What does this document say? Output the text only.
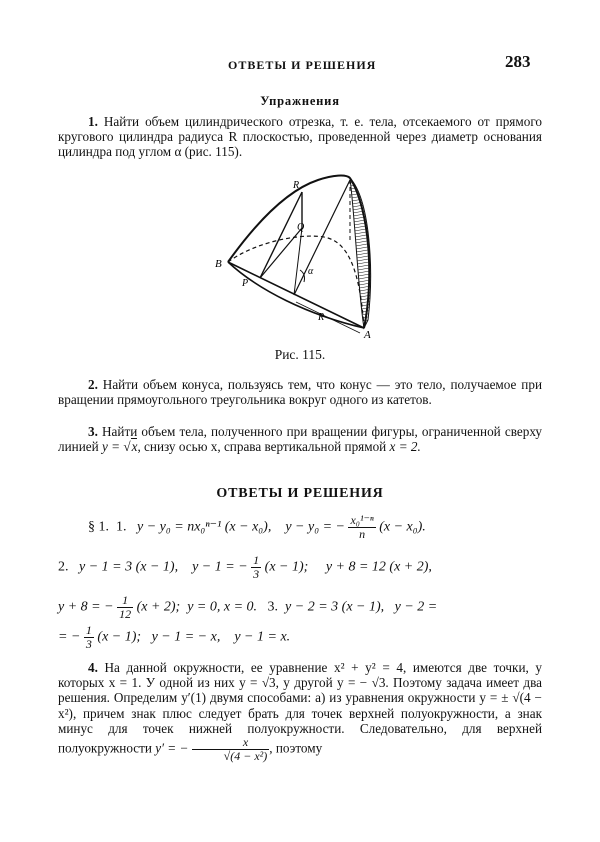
ОТВЕТЫ И РЕШЕНИЯ	283
Упражнения

1. Найти объем цилиндрического отрезка, т. е. тела, отсекаемого от прямого кругового цилиндра радиуса R плоскостью, проведенной через диаметр основания цилиндра под углом α (рис. 115).

R
Q
B
P
A
α
R
Рис. 115.

2. Найти объем конуса, пользуясь тем, что конус — это тело, получаемое при вращении прямоугольного треугольника вокруг одного из катетов.

3. Найти объем тела, полученного при вращении фигуры, ограниченной сверху линией y = √x, снизу осью x, справа вертикальной прямой x = 2.

ОТВЕТЫ И РЕШЕНИЯ
§ 1. 1. y − y₀ = nx₀ⁿ⁻¹ (x − x₀), y − y₀ = − $\frac{\text{x₀¹⁻ⁿ}}{n} (x - x_0)$.
2. y − 1 = 3 (x − 1), y − 1 = − $\frac{1}{3} (x - 1)$; y + 8 = 12 (x + 2),
y + 8 = − $\frac{1}{12} (x + 2)$; y = 0, x = 0. 3. y − 2 = 3 (x − 1), y − 2 =
= − $\frac{1}{3} (x - 1)$; y − 1 = − x, y − 1 = x.

4. На данной окружности, ее уравнение x² + y² = 4, имеются две точки, у которых x = 1. У одной из них y = √3, у другой y = − √3. Поэтому задача имеет два решения. Определим y′(1) двумя способами: а) из уравнения окружности y = ± √(4 − x²), причем знак плюс следует брать для точек верхней полуокружности, а знак минус для точек нижней полуокружности. Следовательно, для верхней полуокружности y′ = − $\frac{x}{\text{√(4 − x²)}}$ , поэтому
